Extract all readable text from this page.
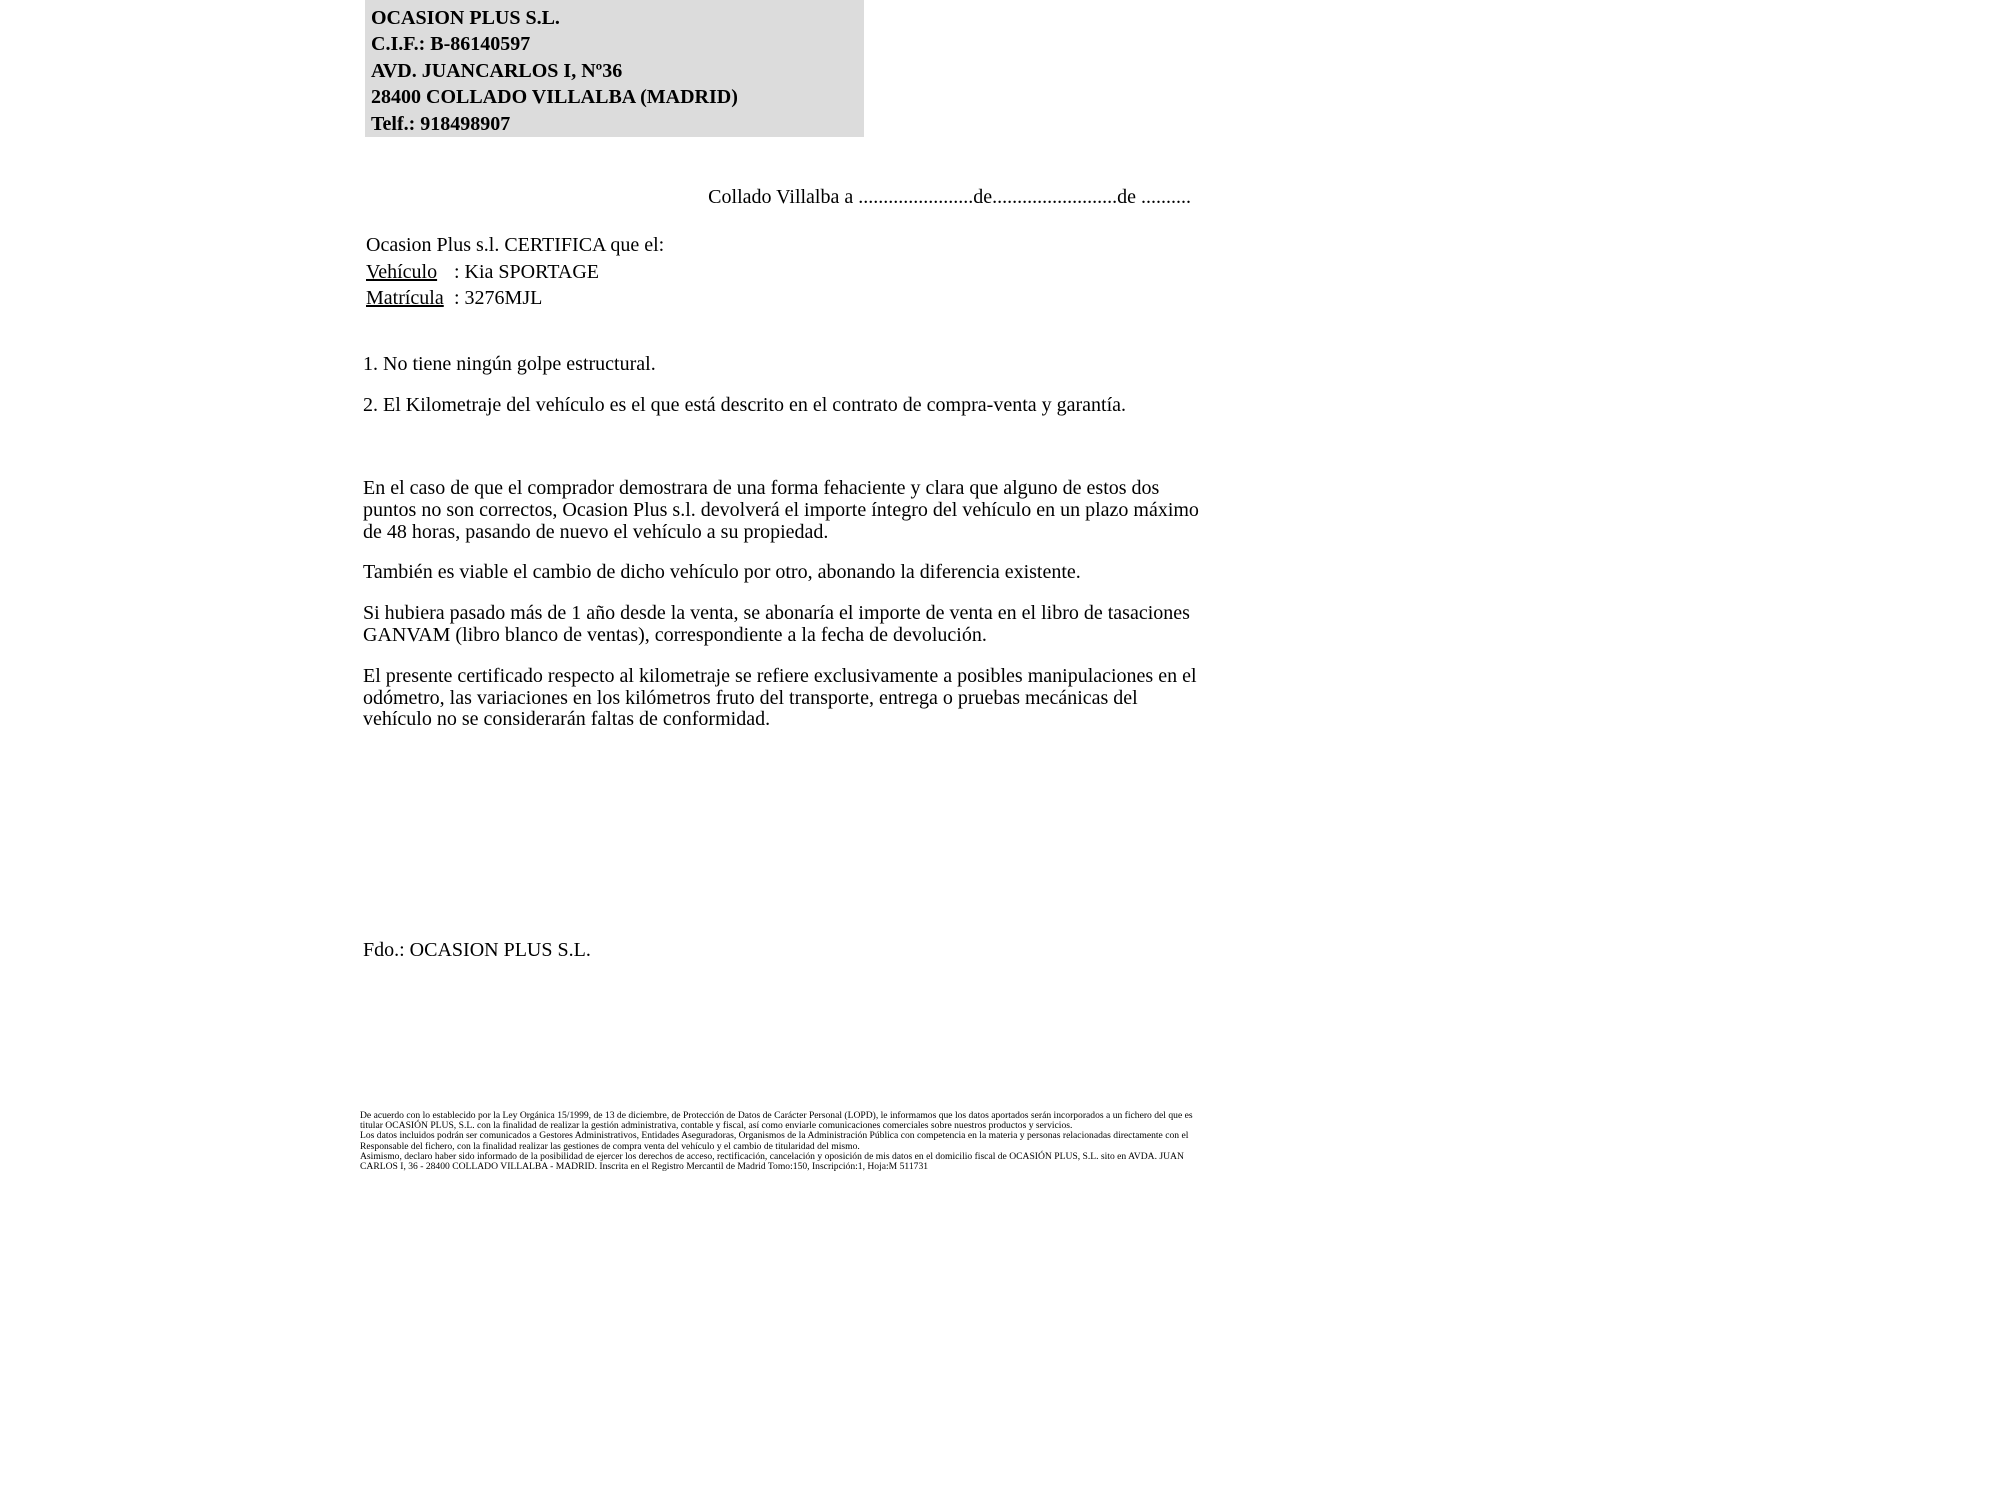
OCASION PLUS S.L.
C.I.F.: B-86140597
AVD. JUANCARLOS I, Nº36
28400 COLLADO VILLALBA (MADRID)
Telf.: 918498907
Collado Villalba a .......................de.........................de ..........
Ocasion Plus s.l. CERTIFICA que el:
Vehículo : Kia SPORTAGE
Matrícula : 3276MJL

1. No tiene ningún golpe estructural.

2. El Kilometraje del vehículo es el que está descrito en el contrato de compra-venta y garantía.

En el caso de que el comprador demostrara de una forma fehaciente y clara que alguno de estos dos puntos no son correctos, Ocasion Plus s.l. devolverá el importe íntegro del vehículo en un plazo máximo de 48 horas, pasando de nuevo el vehículo a su propiedad.

También es viable el cambio de dicho vehículo por otro, abonando la diferencia existente.

Si hubiera pasado más de 1 año desde la venta, se abonaría el importe de venta en el libro de tasaciones GANVAM (libro blanco de ventas), correspondiente a la fecha de devolución.

El presente certificado respecto al kilometraje se refiere exclusivamente a posibles manipulaciones en el odómetro, las variaciones en los kilómetros fruto del transporte, entrega o pruebas mecánicas del vehículo no se considerarán faltas de conformidad.

Fdo.: OCASION PLUS S.L.

De acuerdo con lo establecido por la Ley Orgánica 15/1999, de 13 de diciembre, de Protección de Datos de Carácter Personal (LOPD), le informamos que los datos aportados serán incorporados a un fichero del que es titular OCASIÓN PLUS, S.L. con la finalidad de realizar la gestión administrativa, contable y fiscal, así como enviarle comunicaciones comerciales sobre nuestros productos y servicios.

Los datos incluidos podrán ser comunicados a Gestores Administrativos, Entidades Aseguradoras, Organismos de la Administración Pública con competencia en la materia y personas relacionadas directamente con el Responsable del fichero, con la finalidad realizar las gestiones de compra venta del vehículo y el cambio de titularidad del mismo.

Asimismo, declaro haber sido informado de la posibilidad de ejercer los derechos de acceso, rectificación, cancelación y oposición de mis datos en el domicilio fiscal de OCASIÓN PLUS, S.L. sito en AVDA. JUAN CARLOS I, 36 - 28400 COLLADO VILLALBA - MADRID. Inscrita en el Registro Mercantil de Madrid Tomo:150, Inscripción:1, Hoja:M 511731
